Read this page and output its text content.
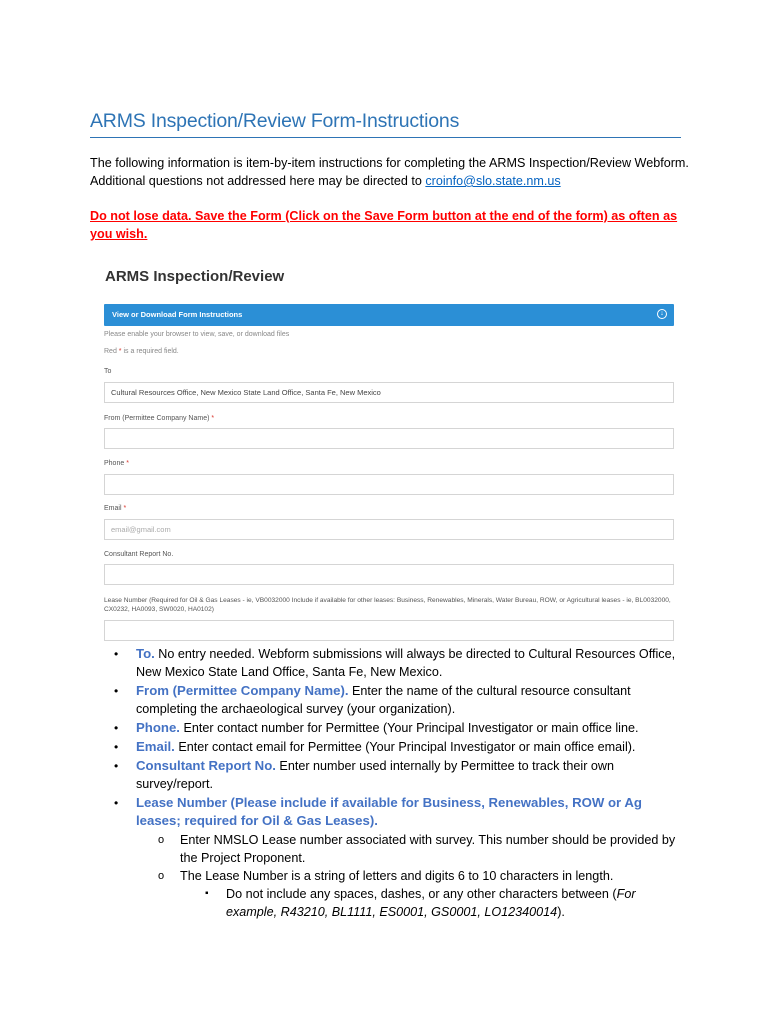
ARMS Inspection/Review Form-Instructions
The following information is item-by-item instructions for completing the ARMS Inspection/Review Webform. Additional questions not addressed here may be directed to croinfo@slo.state.nm.us
Do not lose data. Save the Form (Click on the Save Form button at the end of the form) as often as you wish.
ARMS Inspection/Review
View or Download Form Instructions	↓
Please enable your browser to view, save, or download files
Red * is a required field.
To
Cultural Resources Office, New Mexico State Land Office, Santa Fe, New Mexico
From (Permittee Company Name) *
Phone *
Email *
email@gmail.com
Consultant Report No.
Lease Number (Required for Oil & Gas Leases - ie, VB0032000 Include if available for other leases: Business, Renewables, Minerals, Water Bureau, ROW, or Agricultural leases - ie, BL0032000, CX0232, HA0093, SW0020, HA0102)
• To. No entry needed. Webform submissions will always be directed to Cultural Resources Office, New Mexico State Land Office, Santa Fe, New Mexico.
• From (Permittee Company Name). Enter the name of the cultural resource consultant completing the archaeological survey (your organization).
• Phone. Enter contact number for Permittee (Your Principal Investigator or main office line.
• Email. Enter contact email for Permittee (Your Principal Investigator or main office email).
• Consultant Report No. Enter number used internally by Permittee to track their own survey/report.
• Lease Number (Please include if available for Business, Renewables, ROW or Ag leases; required for Oil & Gas Leases).
o Enter NMSLO Lease number associated with survey. This number should be provided by the Project Proponent.
o The Lease Number is a string of letters and digits 6 to 10 characters in length.
▪ Do not include any spaces, dashes, or any other characters between (For example, R43210, BL1111, ES0001, GS0001, LO12340014).
